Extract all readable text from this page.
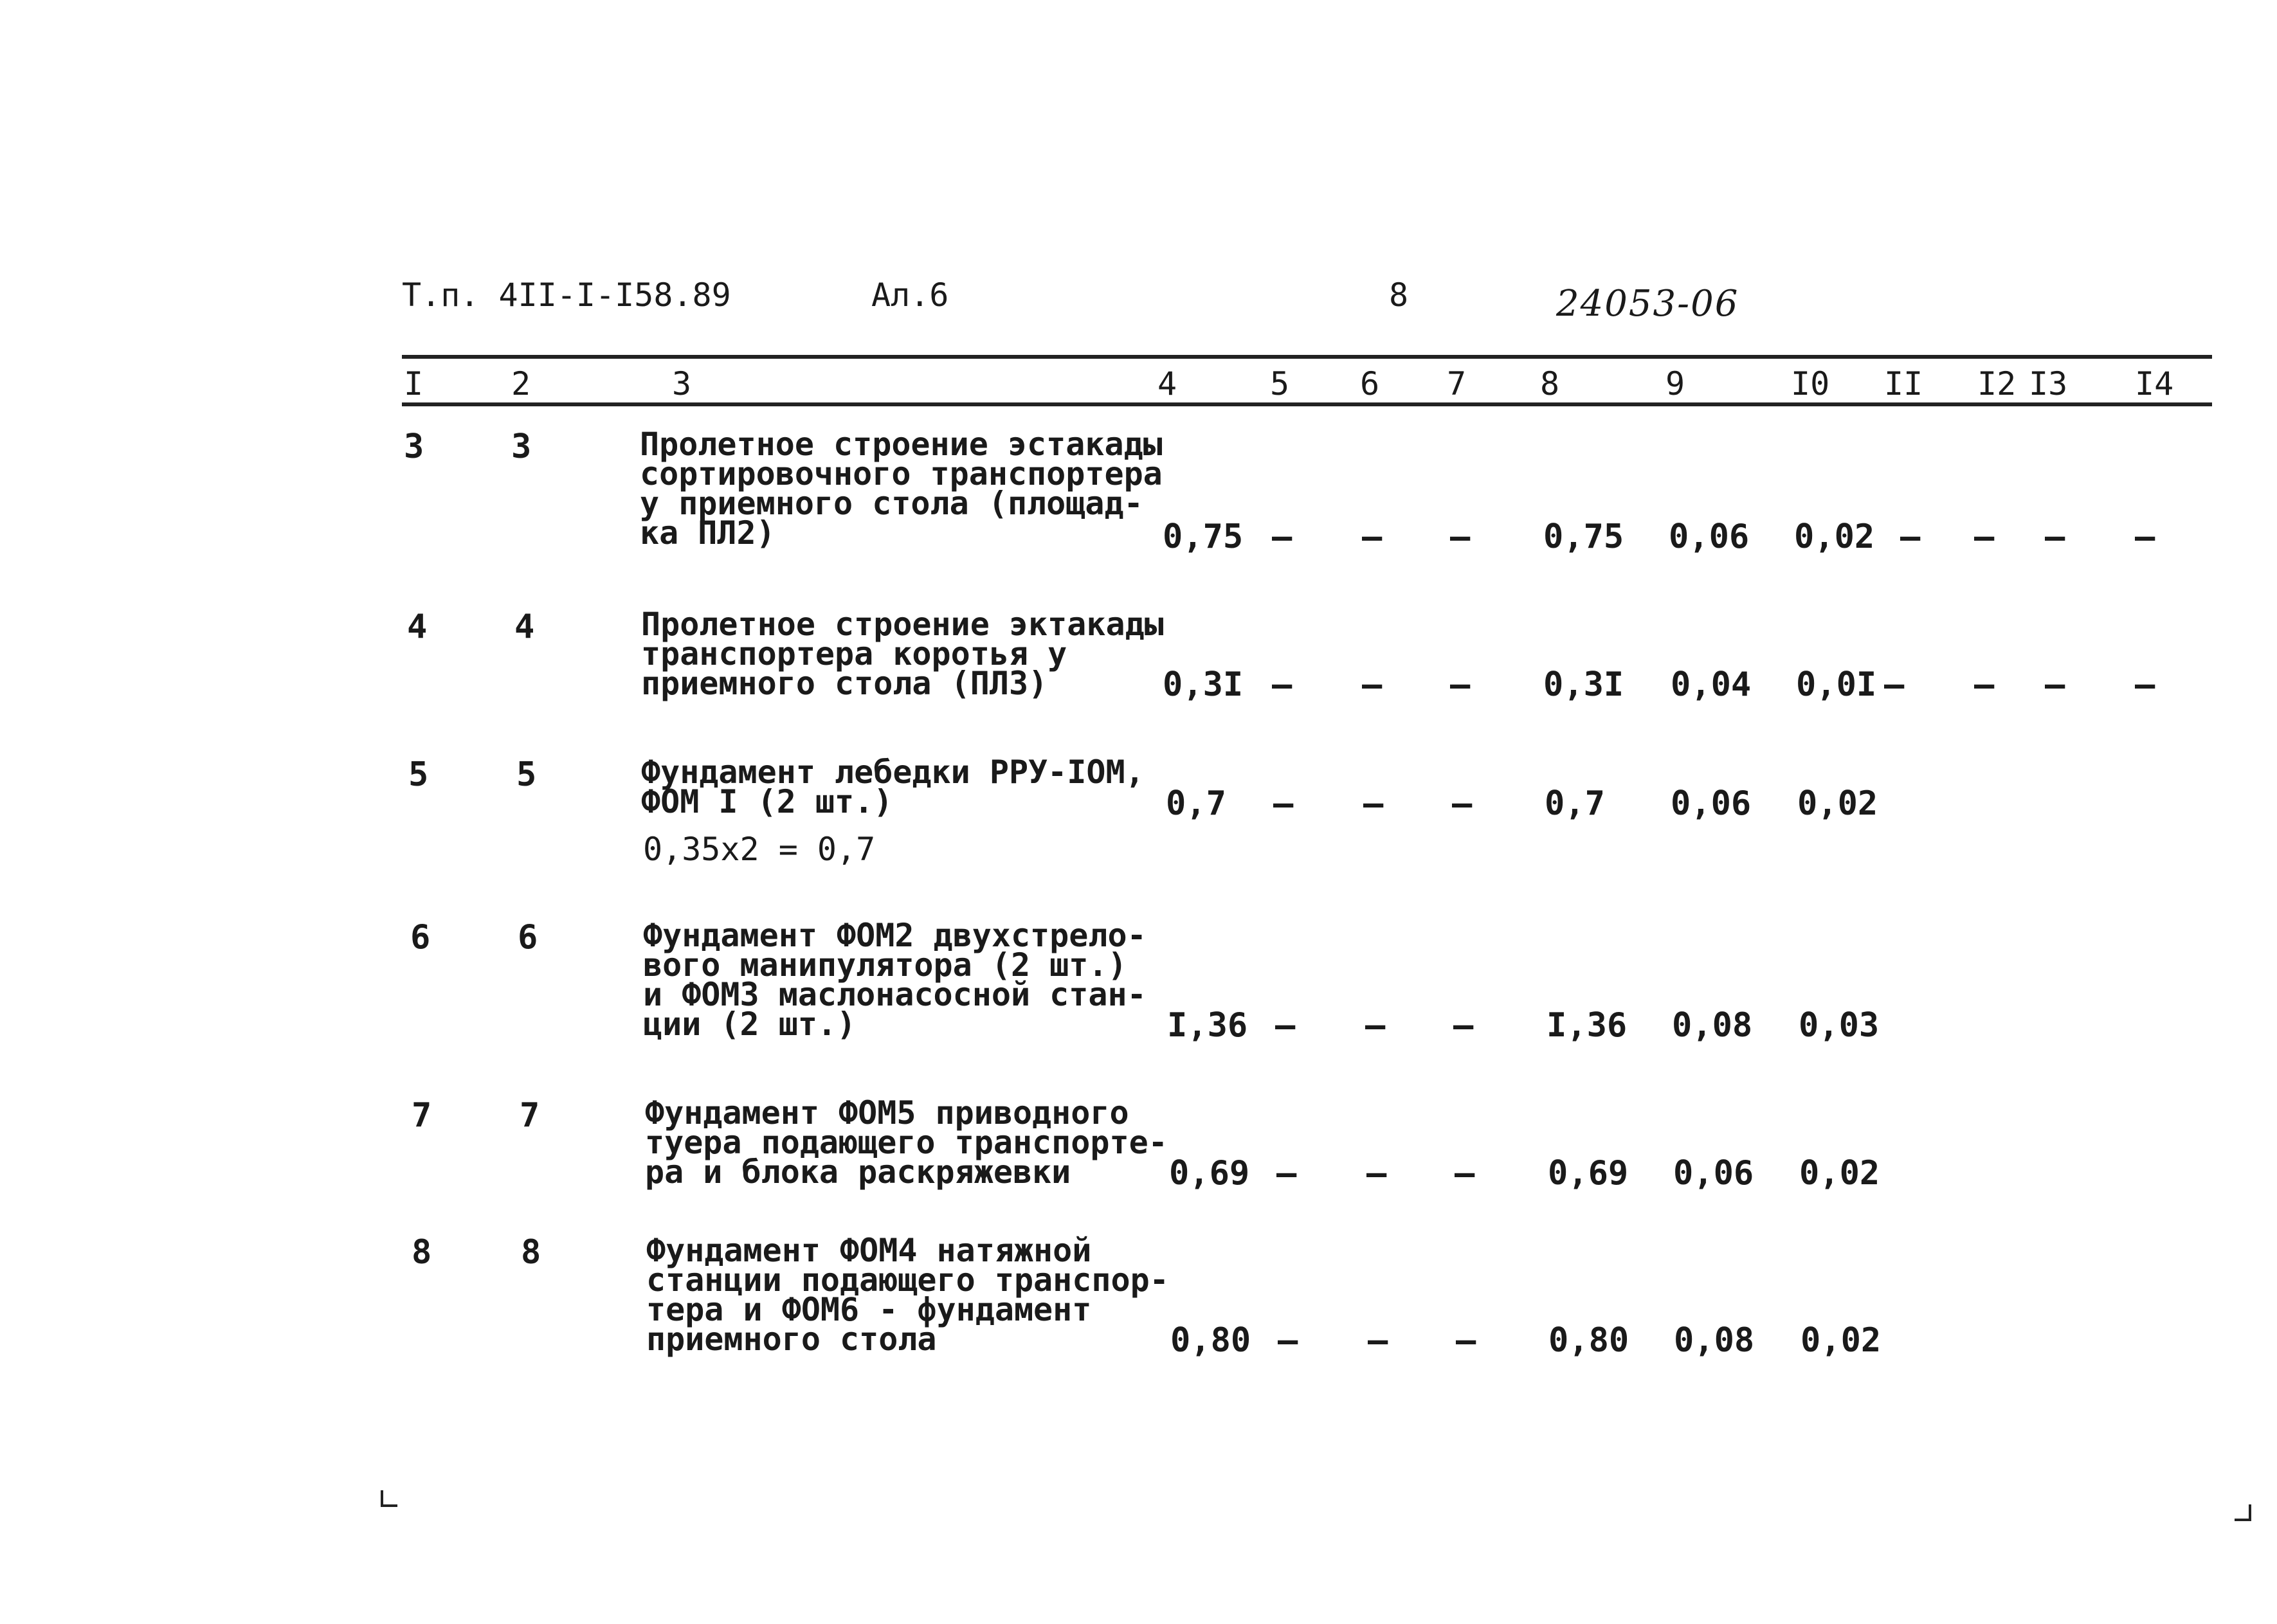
Т.п. 4II-I-I58.89	Ал.6	8	24053-06
I	2	3	4	5 6 7 8	9	I0 II I2 I3 I4
3	3	Пролетное строение эстакады
сортировочного транспортера
у приемного стола (площад-
ка ПЛ2)	0,75 – – – 0,75 0,06 0,02 – – – –
4	4	Пролетное строение эктакады
транспортера коротья у
приемного стола (ПЛЗ)	0,3I – – – 0,3I 0,04 0,0I – – – –
5	5	Фундамент лебедки РРУ-IОМ,
ФОМ I (2 шт.)
0,35х2 = 0,7
0,7 – – – 0,7 0,06 0,02
6	6	Фундамент ФОМ2 двухстрело-
вого манипулятора (2 шт.)
и ФОМЗ маслонасосной стан-
ции (2 шт.)	I,36 – – – I,36 0,08 0,03
7	7	Фундамент ФОМ5 приводного
туера подающего транспорте-
ра и блока раскряжевки	0,69 – – – 0,69 0,06 0,02
8	8	Фундамент ФОМ4 натяжной
станции подающего транспор-
тера и ФОМ6 - фундамент
приемного стола	0,80 – – – 0,80 0,08 0,02
